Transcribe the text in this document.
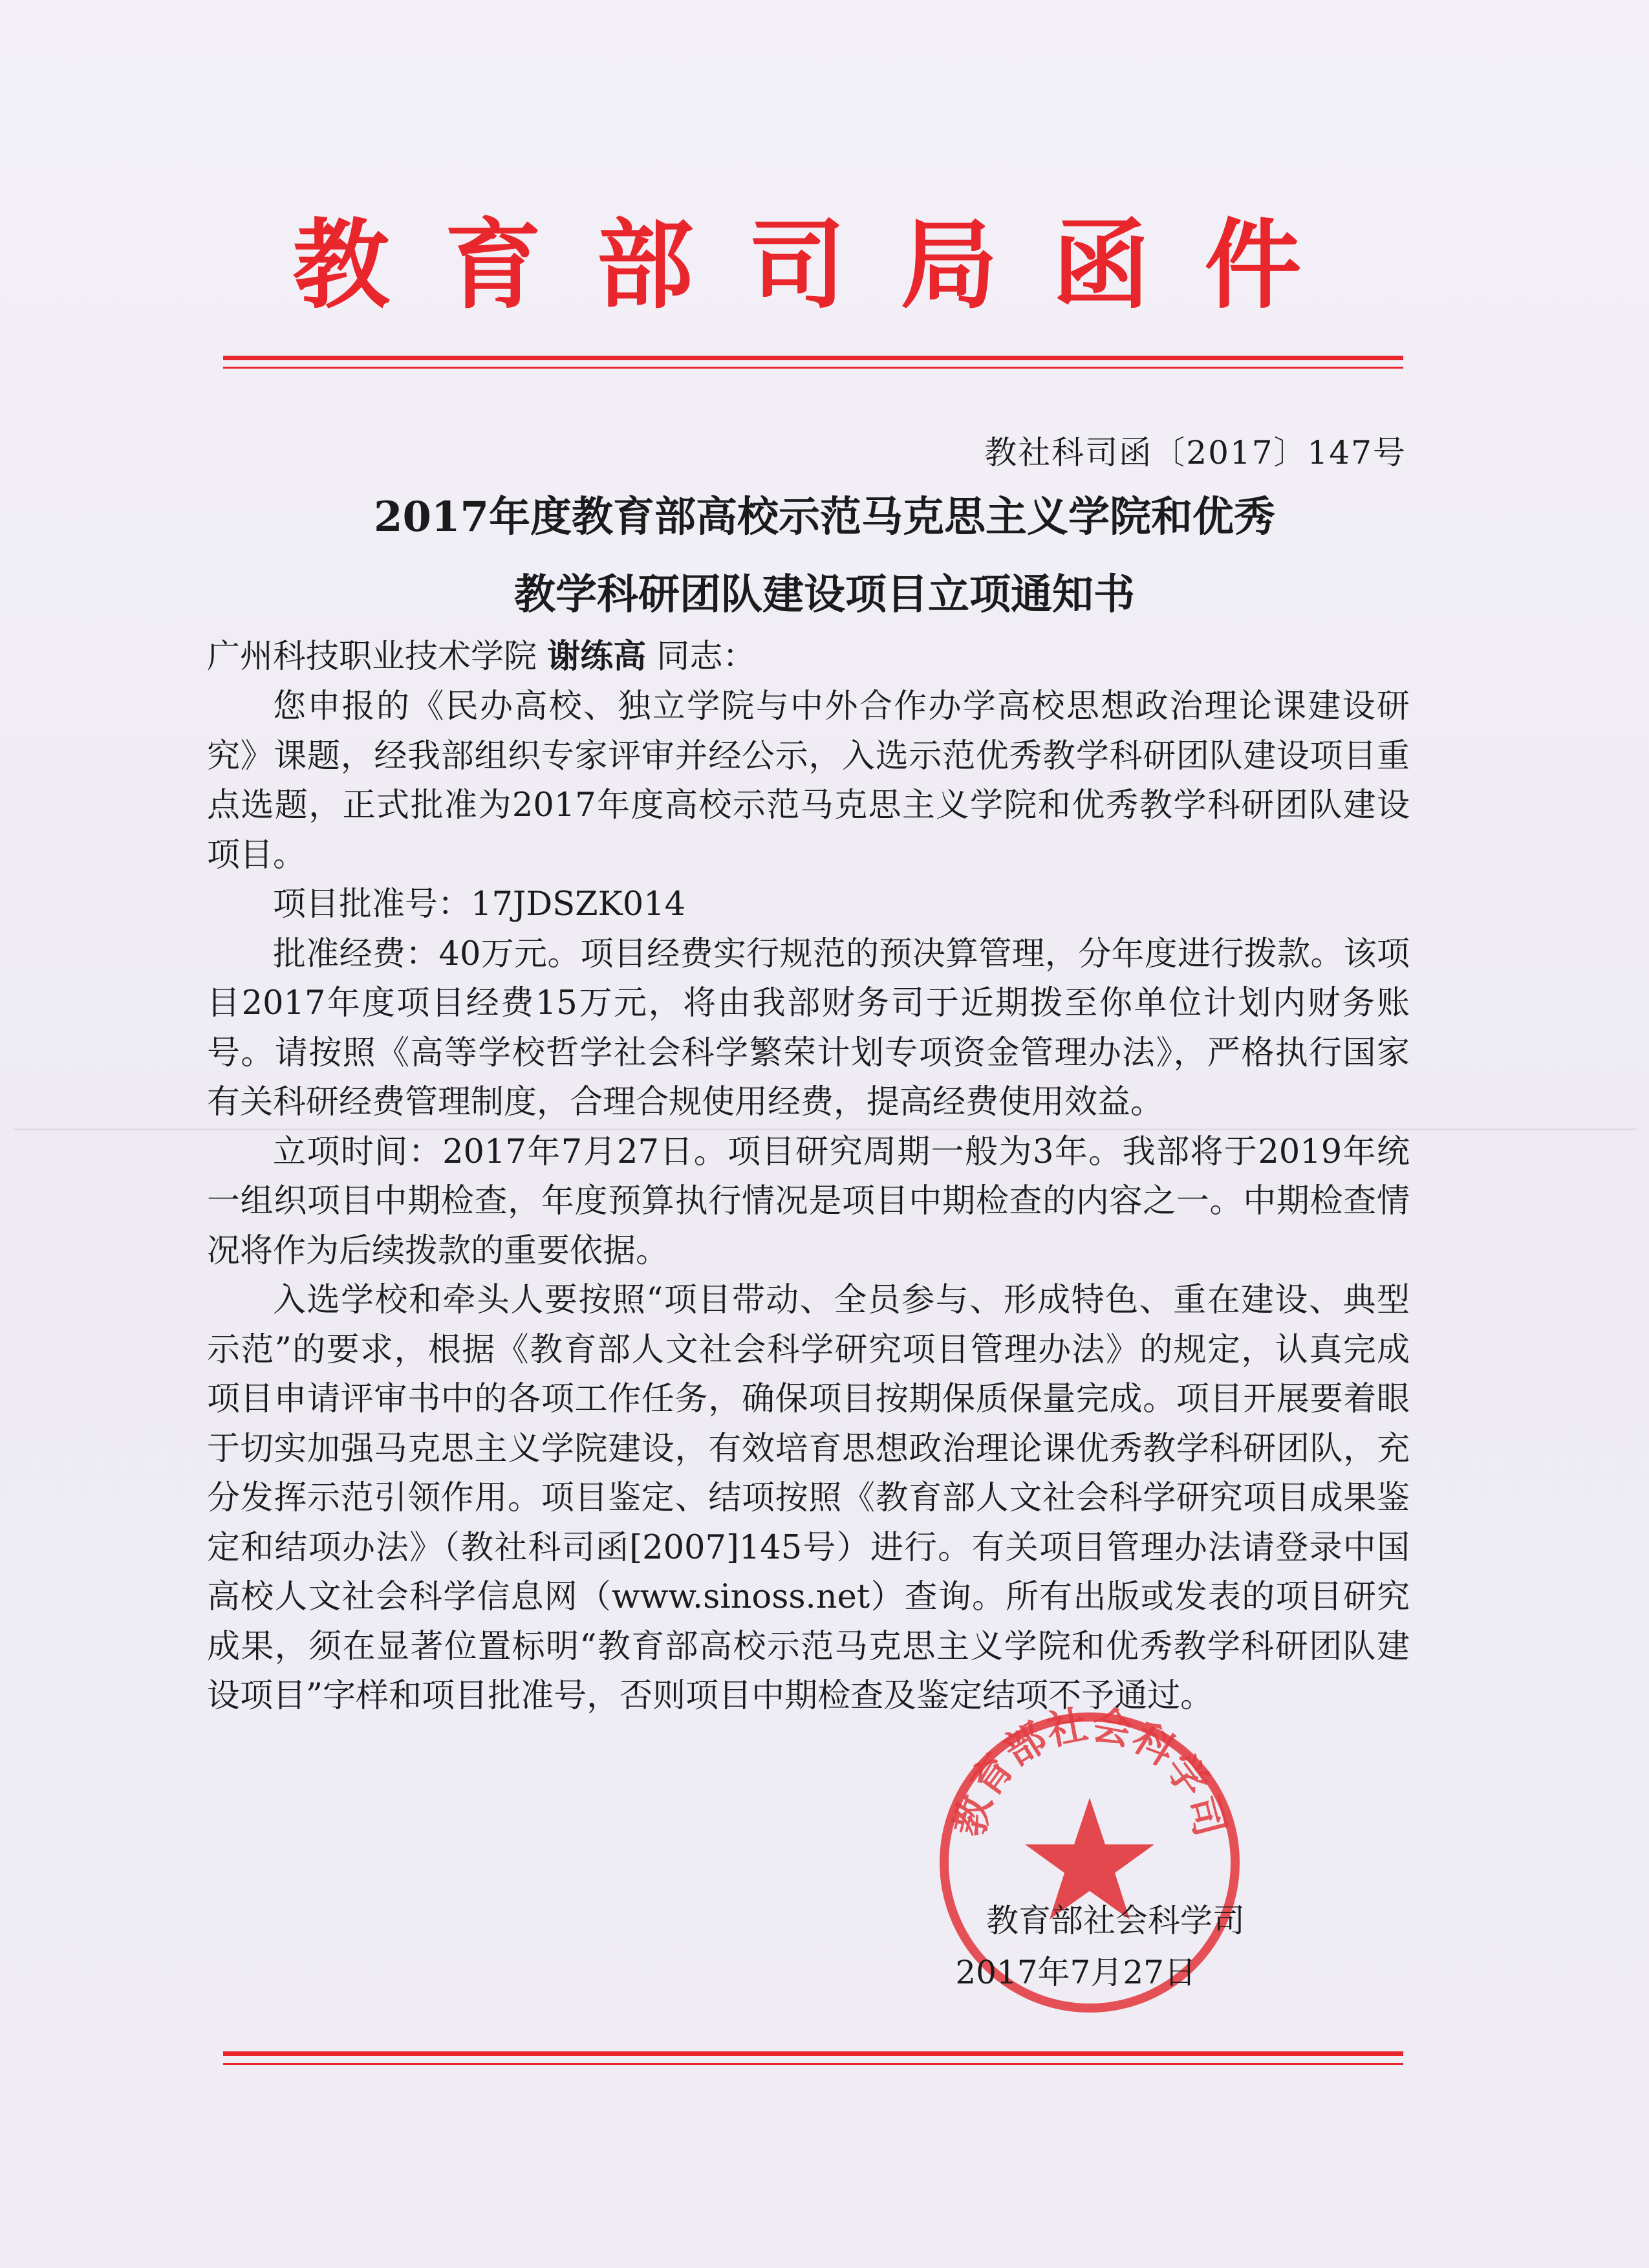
教育部司局函件
教社科司函〔2017〕147号
2017年度教育部高校示范马克思主义学院和优秀
教学科研团队建设项目立项通知书
广州科技职业技术学院 谢练高 同志：

您申报的《民办高校、独立学院与中外合作办学高校思想政治理论课建设研究》课题，经我部组织专家评审并经公示，入选示范优秀教学科研团队建设项目重点选题，正式批准为2017年度高校示范马克思主义学院和优秀教学科研团队建设项目。

项目批准号：17JDSZK014

批准经费：40万元。项目经费实行规范的预决算管理，分年度进行拨款。该项目2017年度项目经费15万元，将由我部财务司于近期拨至你单位计划内财务账号。请按照《高等学校哲学社会科学繁荣计划专项资金管理办法》，严格执行国家有关科研经费管理制度，合理合规使用经费，提高经费使用效益。

立项时间：2017年7月27日。项目研究周期一般为3年。我部将于2019年统一组织项目中期检查，年度预算执行情况是项目中期检查的内容之一。中期检查情况将作为后续拨款的重要依据。

入选学校和牵头人要按照“项目带动、全员参与、形成特色、重在建设、典型示范”的要求，根据《教育部人文社会科学研究项目管理办法》的规定，认真完成项目申请评审书中的各项工作任务，确保项目按期保质保量完成。项目开展要着眼于切实加强马克思主义学院建设，有效培育思想政治理论课优秀教学科研团队，充分发挥示范引领作用。项目鉴定、结项按照《教育部人文社会科学研究项目成果鉴定和结项办法》（教社科司函[2007]145号）进行。有关项目管理办法请登录中国高校人文社会科学信息网（www.sinoss.net）查询。所有出版或发表的项目研究成果，须在显著位置标明“教育部高校示范马克思主义学院和优秀教学科研团队建设项目”字样和项目批准号，否则项目中期检查及鉴定结项不予通过。

教育部社会科学司
教育部社会科学司
2017年7月27日
